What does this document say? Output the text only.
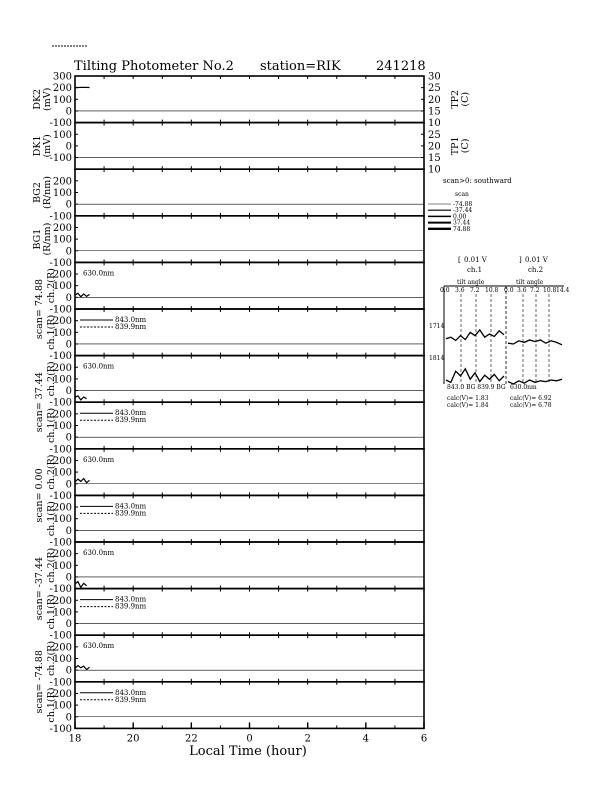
Tilting Photometer No.2 station=RIK	241218
300
200
100
0
-100
30
25
20
15
10
TP2 (C)
DK2 (mV)
100
0
-100
25
20
15
10
TP1 (C)
DK1 (mV)
200
100
0
-100
BG2 (R/nm)
200
100
0
-100
BG1 (R/nm)
200
100
0
-100
scan= 74.88 ch.2(R)	630.0nm
200
100
0
-100
ch.1(R)	843.0nm
839.9nm
200
100
0
-100
scan= 37.44 ch.2(R)	630.0nm
200
100
0
-100
ch.1(R)	843.0nm
839.9nm
200
100
0
-100
scan= 0.00 ch.2(R)	630.0nm
200
100
0
-100
ch.1(R)	843.0nm
839.9nm
200
100
0
-100
scan= -37.44 ch.2(R)	630.0nm
200
100
0
-100
ch.1(R)	843.0nm
839.9nm
200
100
0
-100
scan= -74.88 ch.2(R)	630.0nm
200
100
0
-100
ch.1(R)	843.0nm
839.9nm
18	20	22	0	2	4	6
Local Time (hour)
scan>0: southward
scan
-74.88
-37.44
0.00
37.44
74.88
[ 0.01 V	] 0.01 V
ch.1	ch.2
tilt angle	tilt angle
1714
1814
843.0 BG 839.9 BG 630.0nm
calc(V)= 1.83
calc(V)= 1.84
calc(V)= 6.92
calc(V)= 6.78
0.0 3.6 7.2 10.8 0.0 3.6 7.2 10.8 14.4
